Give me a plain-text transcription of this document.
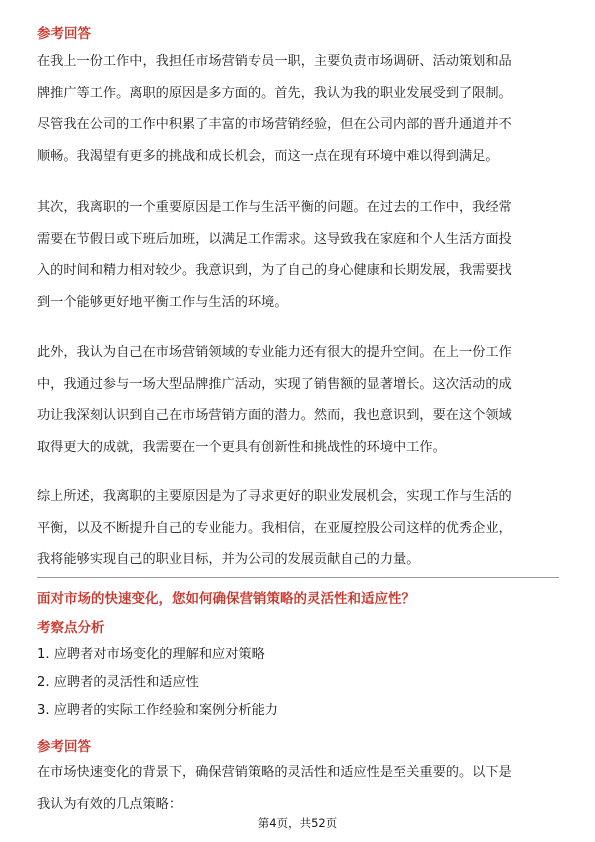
参考回答
在我上一份工作中，我担任市场营销专员一职，主要负责市场调研、活动策划和品
牌推广等工作。离职的原因是多方面的。首先，我认为我的职业发展受到了限制。
尽管我在公司的工作中积累了丰富的市场营销经验，但在公司内部的晋升通道并不
顺畅。我渴望有更多的挑战和成长机会，而这一点在现有环境中难以得到满足。
其次，我离职的一个重要原因是工作与生活平衡的问题。在过去的工作中，我经常
需要在节假日或下班后加班，以满足工作需求。这导致我在家庭和个人生活方面投
入的时间和精力相对较少。我意识到，为了自己的身心健康和长期发展，我需要找
到一个能够更好地平衡工作与生活的环境。
此外，我认为自己在市场营销领域的专业能力还有很大的提升空间。在上一份工作
中，我通过参与一场大型品牌推广活动，实现了销售额的显著增长。这次活动的成
功让我深刻认识到自己在市场营销方面的潜力。然而，我也意识到，要在这个领域
取得更大的成就，我需要在一个更具有创新性和挑战性的环境中工作。
综上所述，我离职的主要原因是为了寻求更好的职业发展机会，实现工作与生活的
平衡，以及不断提升自己的专业能力。我相信，在亚厦控股公司这样的优秀企业，
我将能够实现自己的职业目标，并为公司的发展贡献自己的力量。
面对市场的快速变化，您如何确保营销策略的灵活性和适应性？
考察点分析
1. 应聘者对市场变化的理解和应对策略
2. 应聘者的灵活性和适应性
3. 应聘者的实际工作经验和案例分析能力
参考回答
在市场快速变化的背景下，确保营销策略的灵活性和适应性是至关重要的。以下是
我认为有效的几点策略：
第4页，共52页
